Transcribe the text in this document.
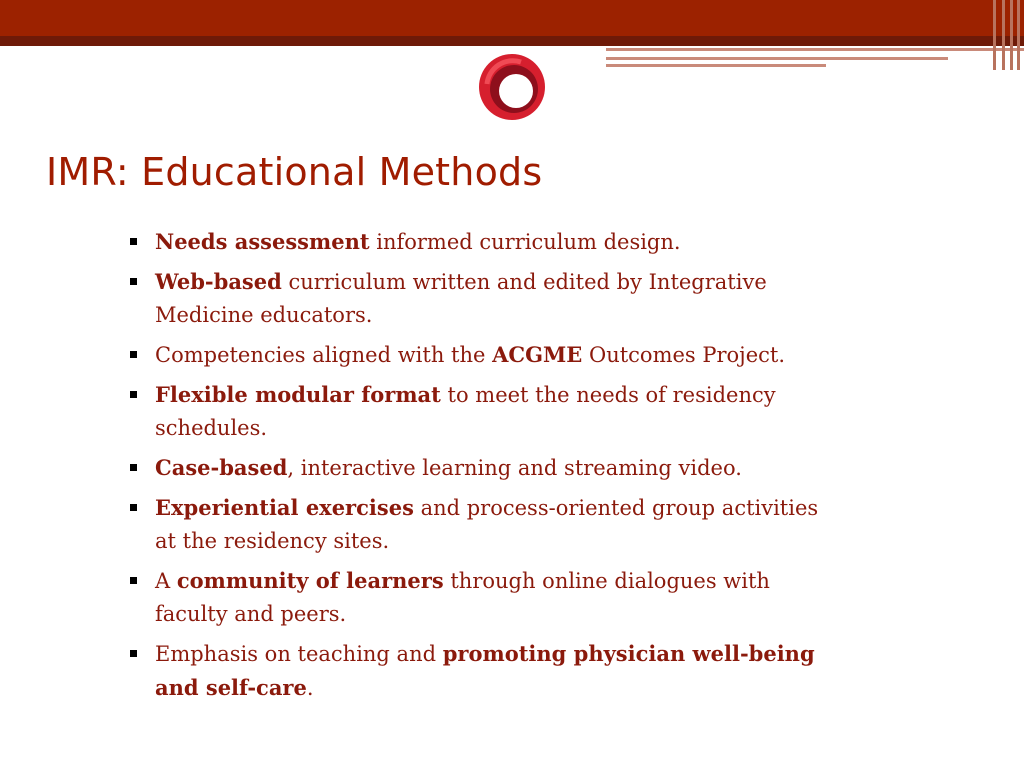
IMR: Educational Methods
Needs assessment informed curriculum design.
Web-based curriculum written and edited by Integrative Medicine educators.
Competencies aligned with the ACGME Outcomes Project.
Flexible modular format to meet the needs of residency schedules.
Case-based, interactive learning and streaming video.
Experiential exercises and process-oriented group activities at the residency sites.
A community of learners through online dialogues with faculty and peers.
Emphasis on teaching and promoting physician well-being and self-care.
